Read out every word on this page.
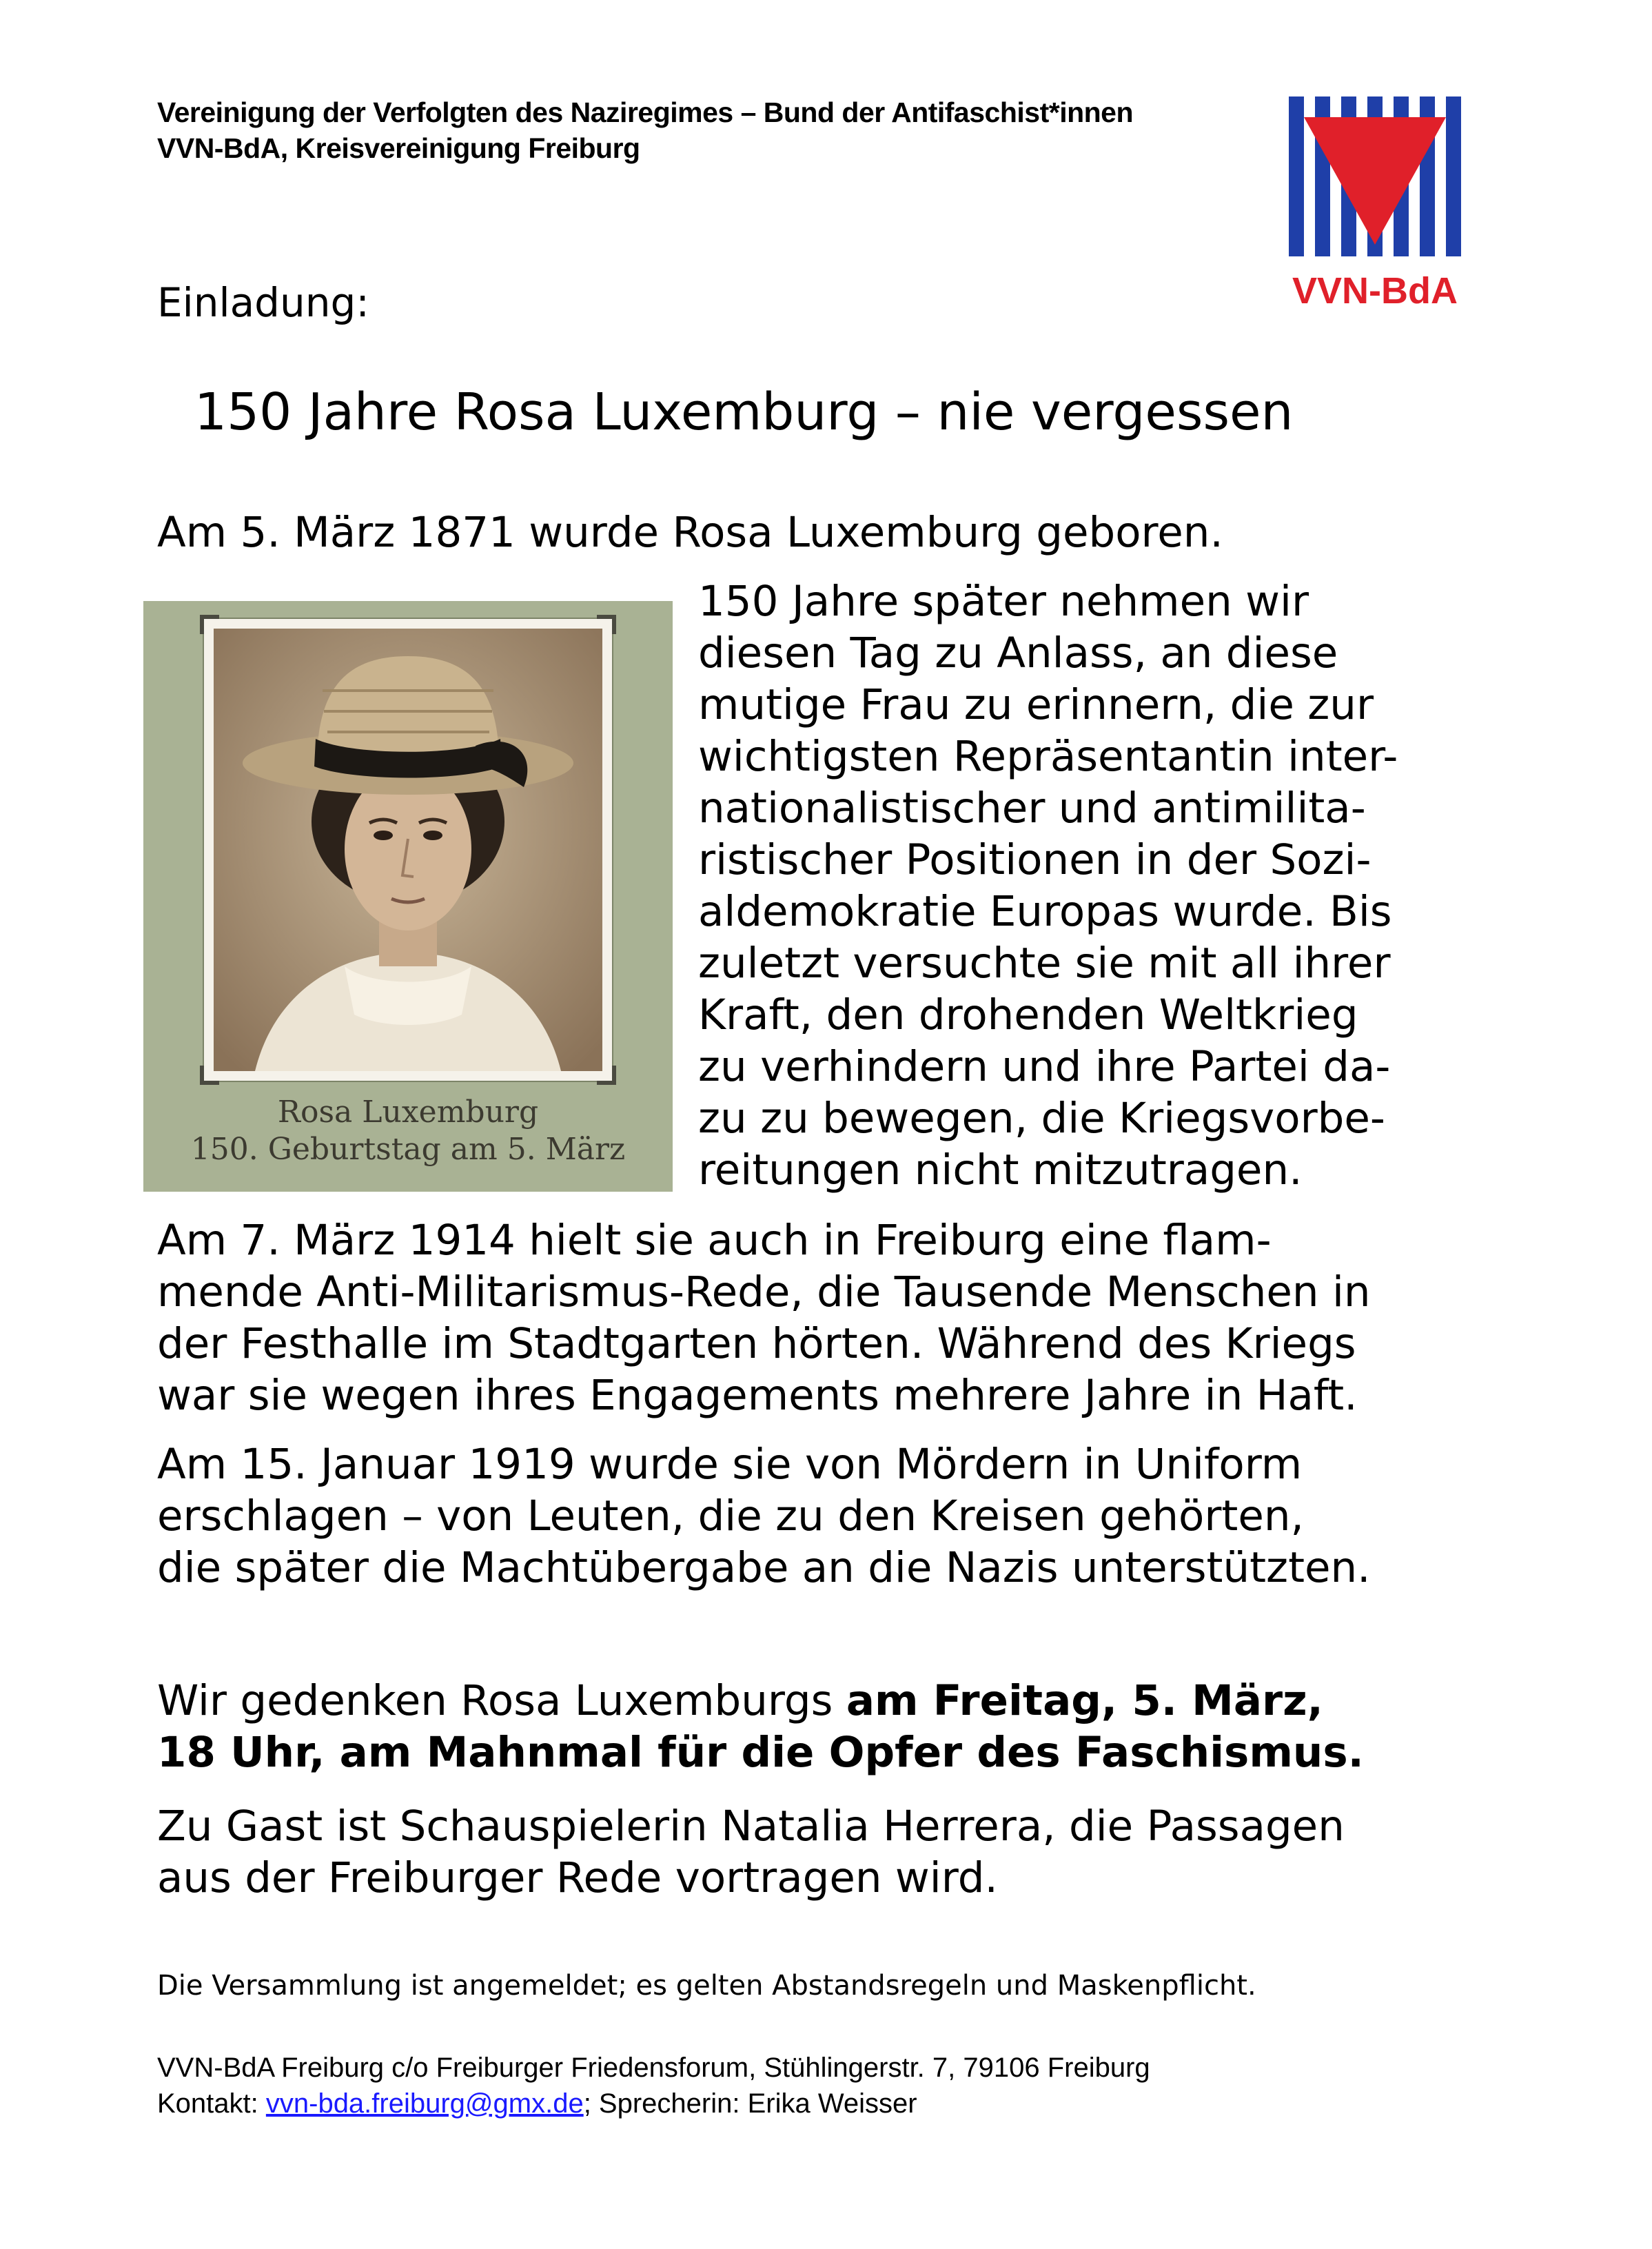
Vereinigung der Verfolgten des Naziregimes – Bund der Antifaschist*innen
VVN-BdA, Kreisvereinigung Freiburg
VVN-BdA
Einladung:
150 Jahre Rosa Luxemburg – nie vergessen
Am 5. März 1871 wurde Rosa Luxemburg geboren.
Rosa Luxemburg
150. Geburtstag am 5. März
150 Jahre später nehmen wir
diesen Tag zu Anlass, an diese
mutige Frau zu erinnern, die zur
wichtigsten Repräsentantin inter-
nationalistischer und antimilita-
ristischer Positionen in der Sozi-
aldemokratie Europas wurde. Bis
zuletzt versuchte sie mit all ihrer
Kraft, den drohenden Weltkrieg
zu verhindern und ihre Partei da-
zu zu bewegen, die Kriegsvorbe-
reitungen nicht mitzutragen.
Am 7. März 1914 hielt sie auch in Freiburg eine flam-
mende Anti-Militarismus-Rede, die Tausende Menschen in
der Festhalle im Stadtgarten hörten. Während des Kriegs
war sie wegen ihres Engagements mehrere Jahre in Haft.
Am 15. Januar 1919 wurde sie von Mördern in Uniform
erschlagen – von Leuten, die zu den Kreisen gehörten,
die später die Machtübergabe an die Nazis unterstützten.
Wir gedenken Rosa Luxemburgs am Freitag, 5. März,
18 Uhr, am Mahnmal für die Opfer des Faschismus.
Zu Gast ist Schauspielerin Natalia Herrera, die Passagen
aus der Freiburger Rede vortragen wird.
Die Versammlung ist angemeldet; es gelten Abstandsregeln und Maskenpflicht.
VVN-BdA Freiburg c/o Freiburger Friedensforum, Stühlingerstr. 7, 79106 Freiburg
Kontakt: vvn-bda.freiburg@gmx.de; Sprecherin: Erika Weisser
